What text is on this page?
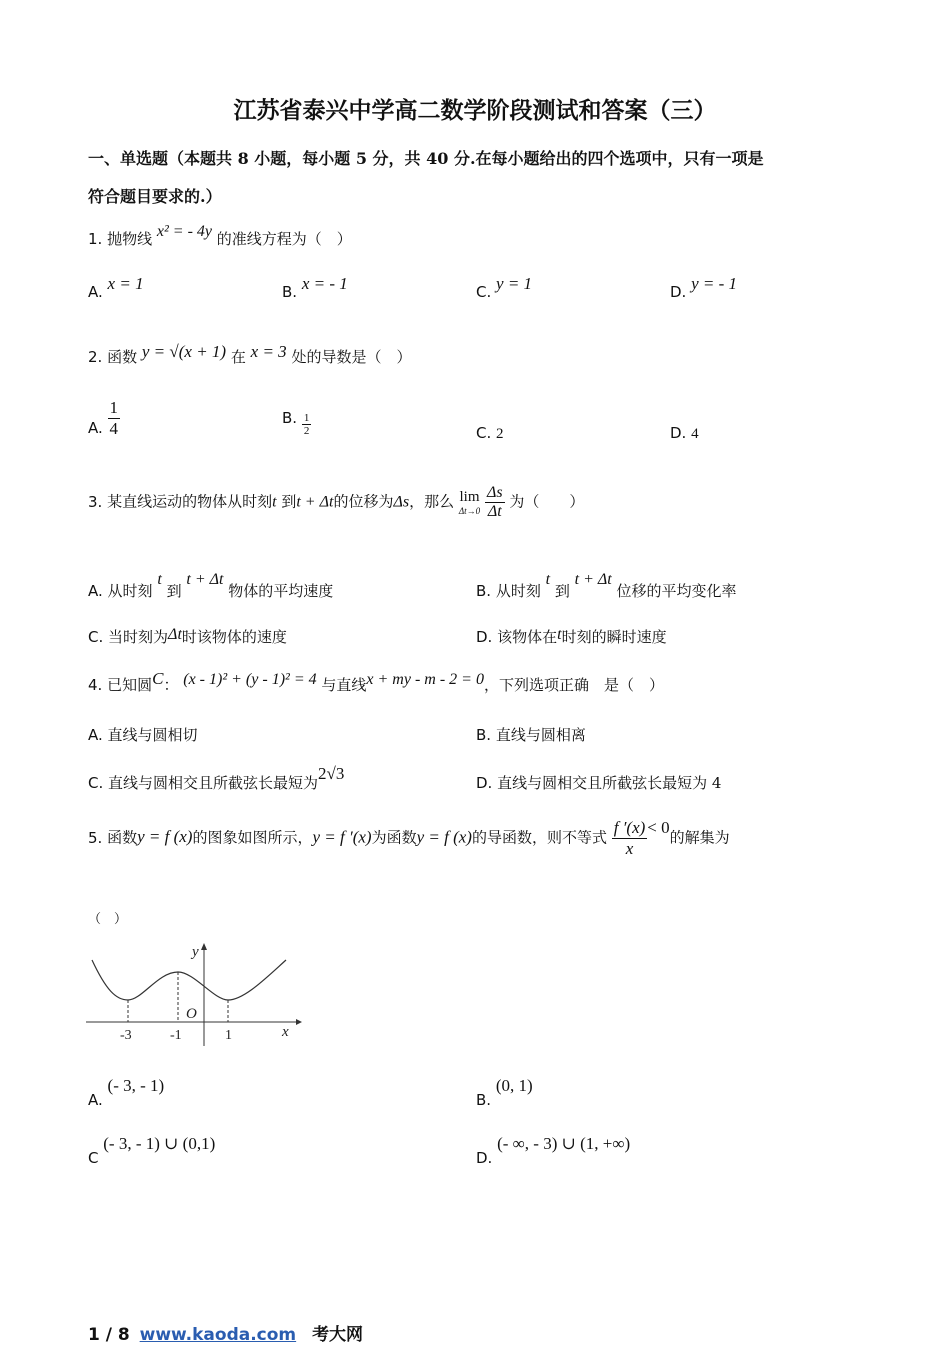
江苏省泰兴中学高二数学阶段测试和答案（三）
一、单选题（本题共 8 小题，每小题 5 分，共 40 分.在每小题给出的四个选项中，只有一项是
符合题目要求的.）
1. 抛物线 x² = - 4y 的准线方程为（　）
A. x = 1	B. x = - 1	C. y = 1	D. y = - 1
2. 函数 y = √(x + 1) 在 x = 3 处的导数是（　）
A. $\frac{1}{4}$	B. $\frac{1}{2}$	C. 2	D. 4
3. 某直线运动的物体从时刻t 到t + Δt的位移为Δs，那么 lim
Δt→0
$\frac{\Delta s}{\Delta t}$ 为（　　）
A. 从时刻 t 到 t + Δt 物体的平均速度	B. 从时刻 t 到 t + Δt 位移的平均变化率
C. 当时刻为Δt时该物体的速度	D. 该物体在t时刻的瞬时速度
4. 已知圆C： (x - 1)² + (y - 1)² = 4 与直线x + my - m - 2 = 0，下列选项正确　是（　）
A. 直线与圆相切	B. 直线与圆相离
C. 直线与圆相交且所截弦长最短为2√3	D. 直线与圆相交且所截弦长最短为 4
5. 函数y = f (x)的图象如图所示，y = f ′(x)为函数y = f (x)的导函数，则不等式 $\frac{f '(x)}{x} < 0$的解集为
（　）
y
x
O
-3	-1	1
A. (- 3, - 1)
B. (0, 1)
C (- 3, - 1) ∪ (0,1)
D. (- ∞, - 3) ∪ (1, +∞)
1 / 8 www.kaoda.com 考大网
